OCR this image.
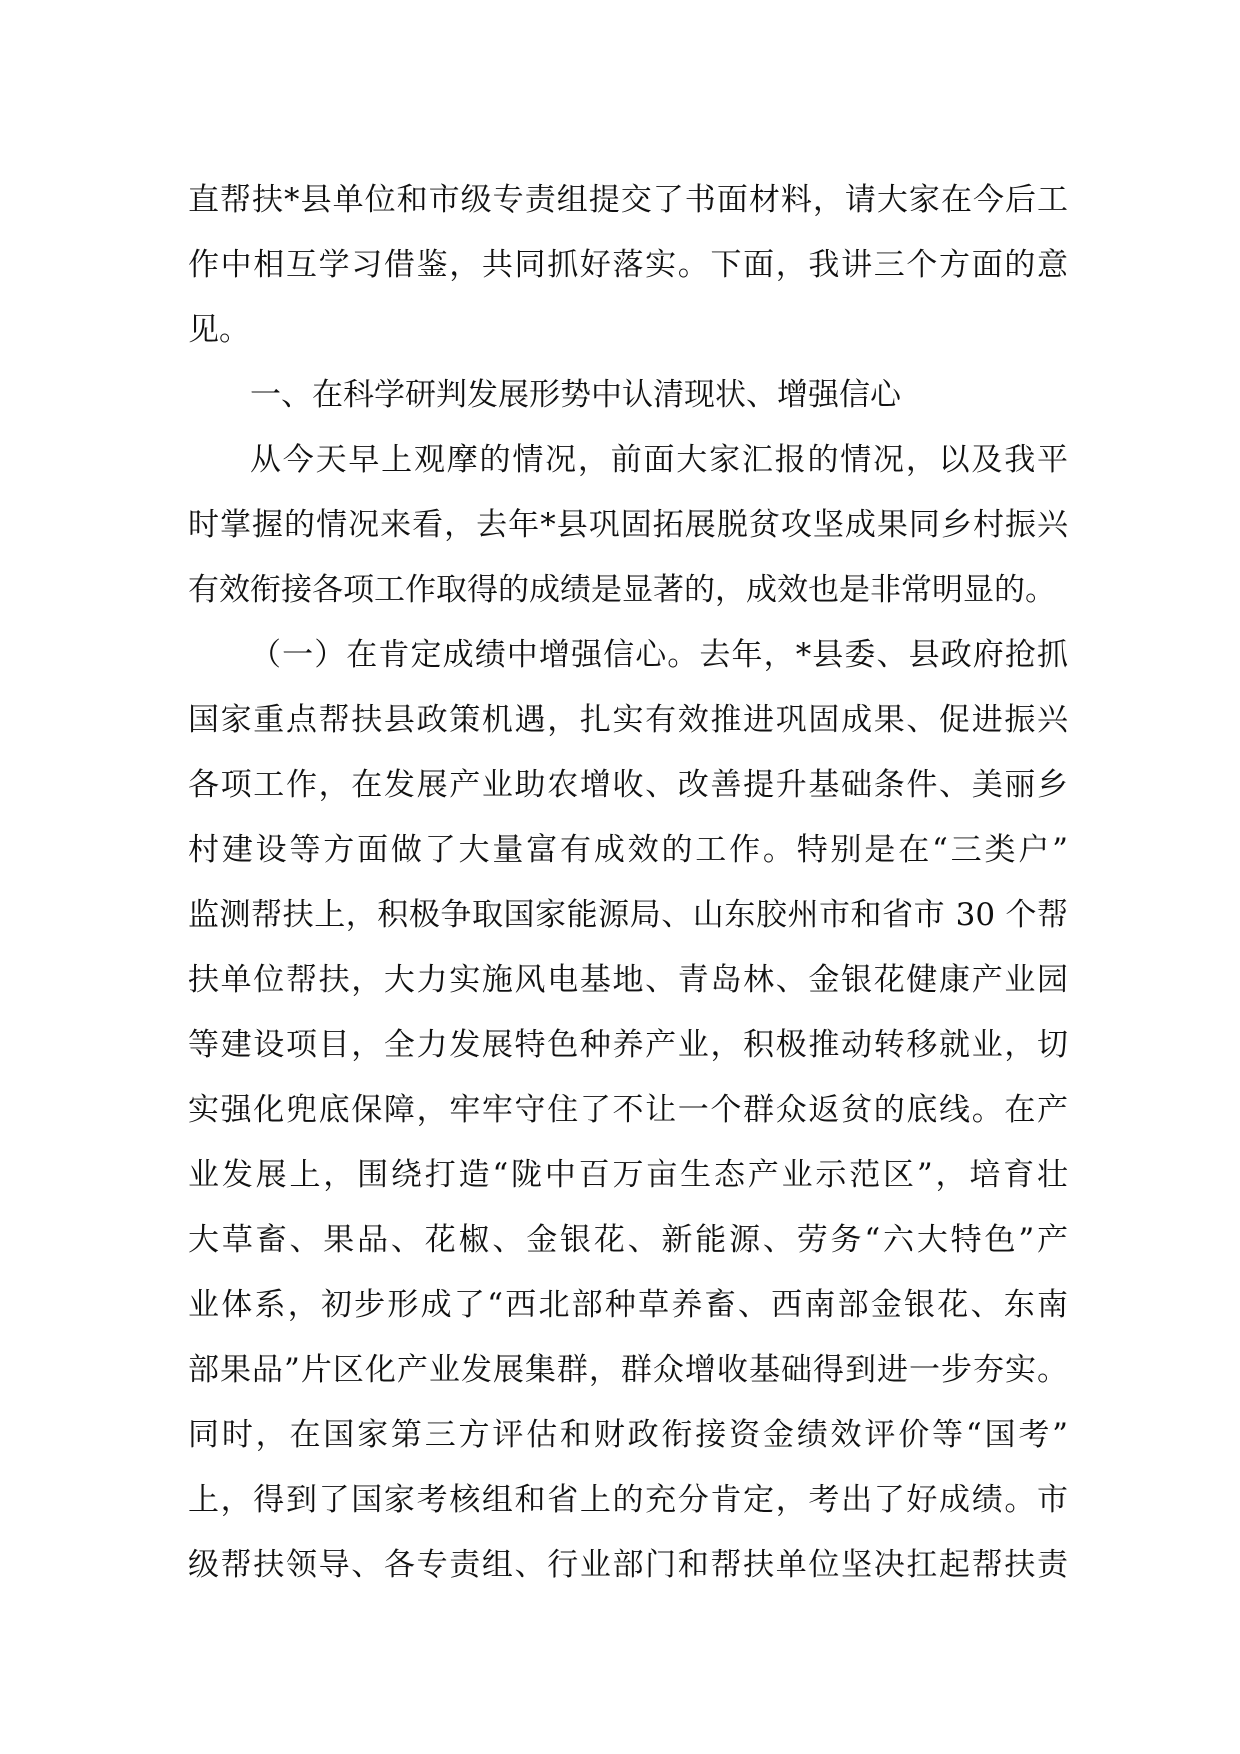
直帮扶*县单位和市级专责组提交了书面材料，请大家在今后工
作中相互学习借鉴，共同抓好落实。下面，我讲三个方面的意
见。
一、在科学研判发展形势中认清现状、增强信心
从今天早上观摩的情况，前面大家汇报的情况，以及我平
时掌握的情况来看，去年*县巩固拓展脱贫攻坚成果同乡村振兴
有效衔接各项工作取得的成绩是显著的，成效也是非常明显的。
（一）在肯定成绩中增强信心。去年，*县委、县政府抢抓
国家重点帮扶县政策机遇，扎实有效推进巩固成果、促进振兴
各项工作，在发展产业助农增收、改善提升基础条件、美丽乡
村建设等方面做了大量富有成效的工作。特别是在“三类户”
监测帮扶上，积极争取国家能源局、山东胶州市和省市 30 个帮
扶单位帮扶，大力实施风电基地、青岛林、金银花健康产业园
等建设项目，全力发展特色种养产业，积极推动转移就业，切
实强化兜底保障，牢牢守住了不让一个群众返贫的底线。在产
业发展上，围绕打造“陇中百万亩生态产业示范区”，培育壮
大草畜、果品、花椒、金银花、新能源、劳务“六大特色”产
业体系，初步形成了“西北部种草养畜、西南部金银花、东南
部果品”片区化产业发展集群，群众增收基础得到进一步夯实。
同时，在国家第三方评估和财政衔接资金绩效评价等“国考”
上，得到了国家考核组和省上的充分肯定，考出了好成绩。市
级帮扶领导、各专责组、行业部门和帮扶单位坚决扛起帮扶责
